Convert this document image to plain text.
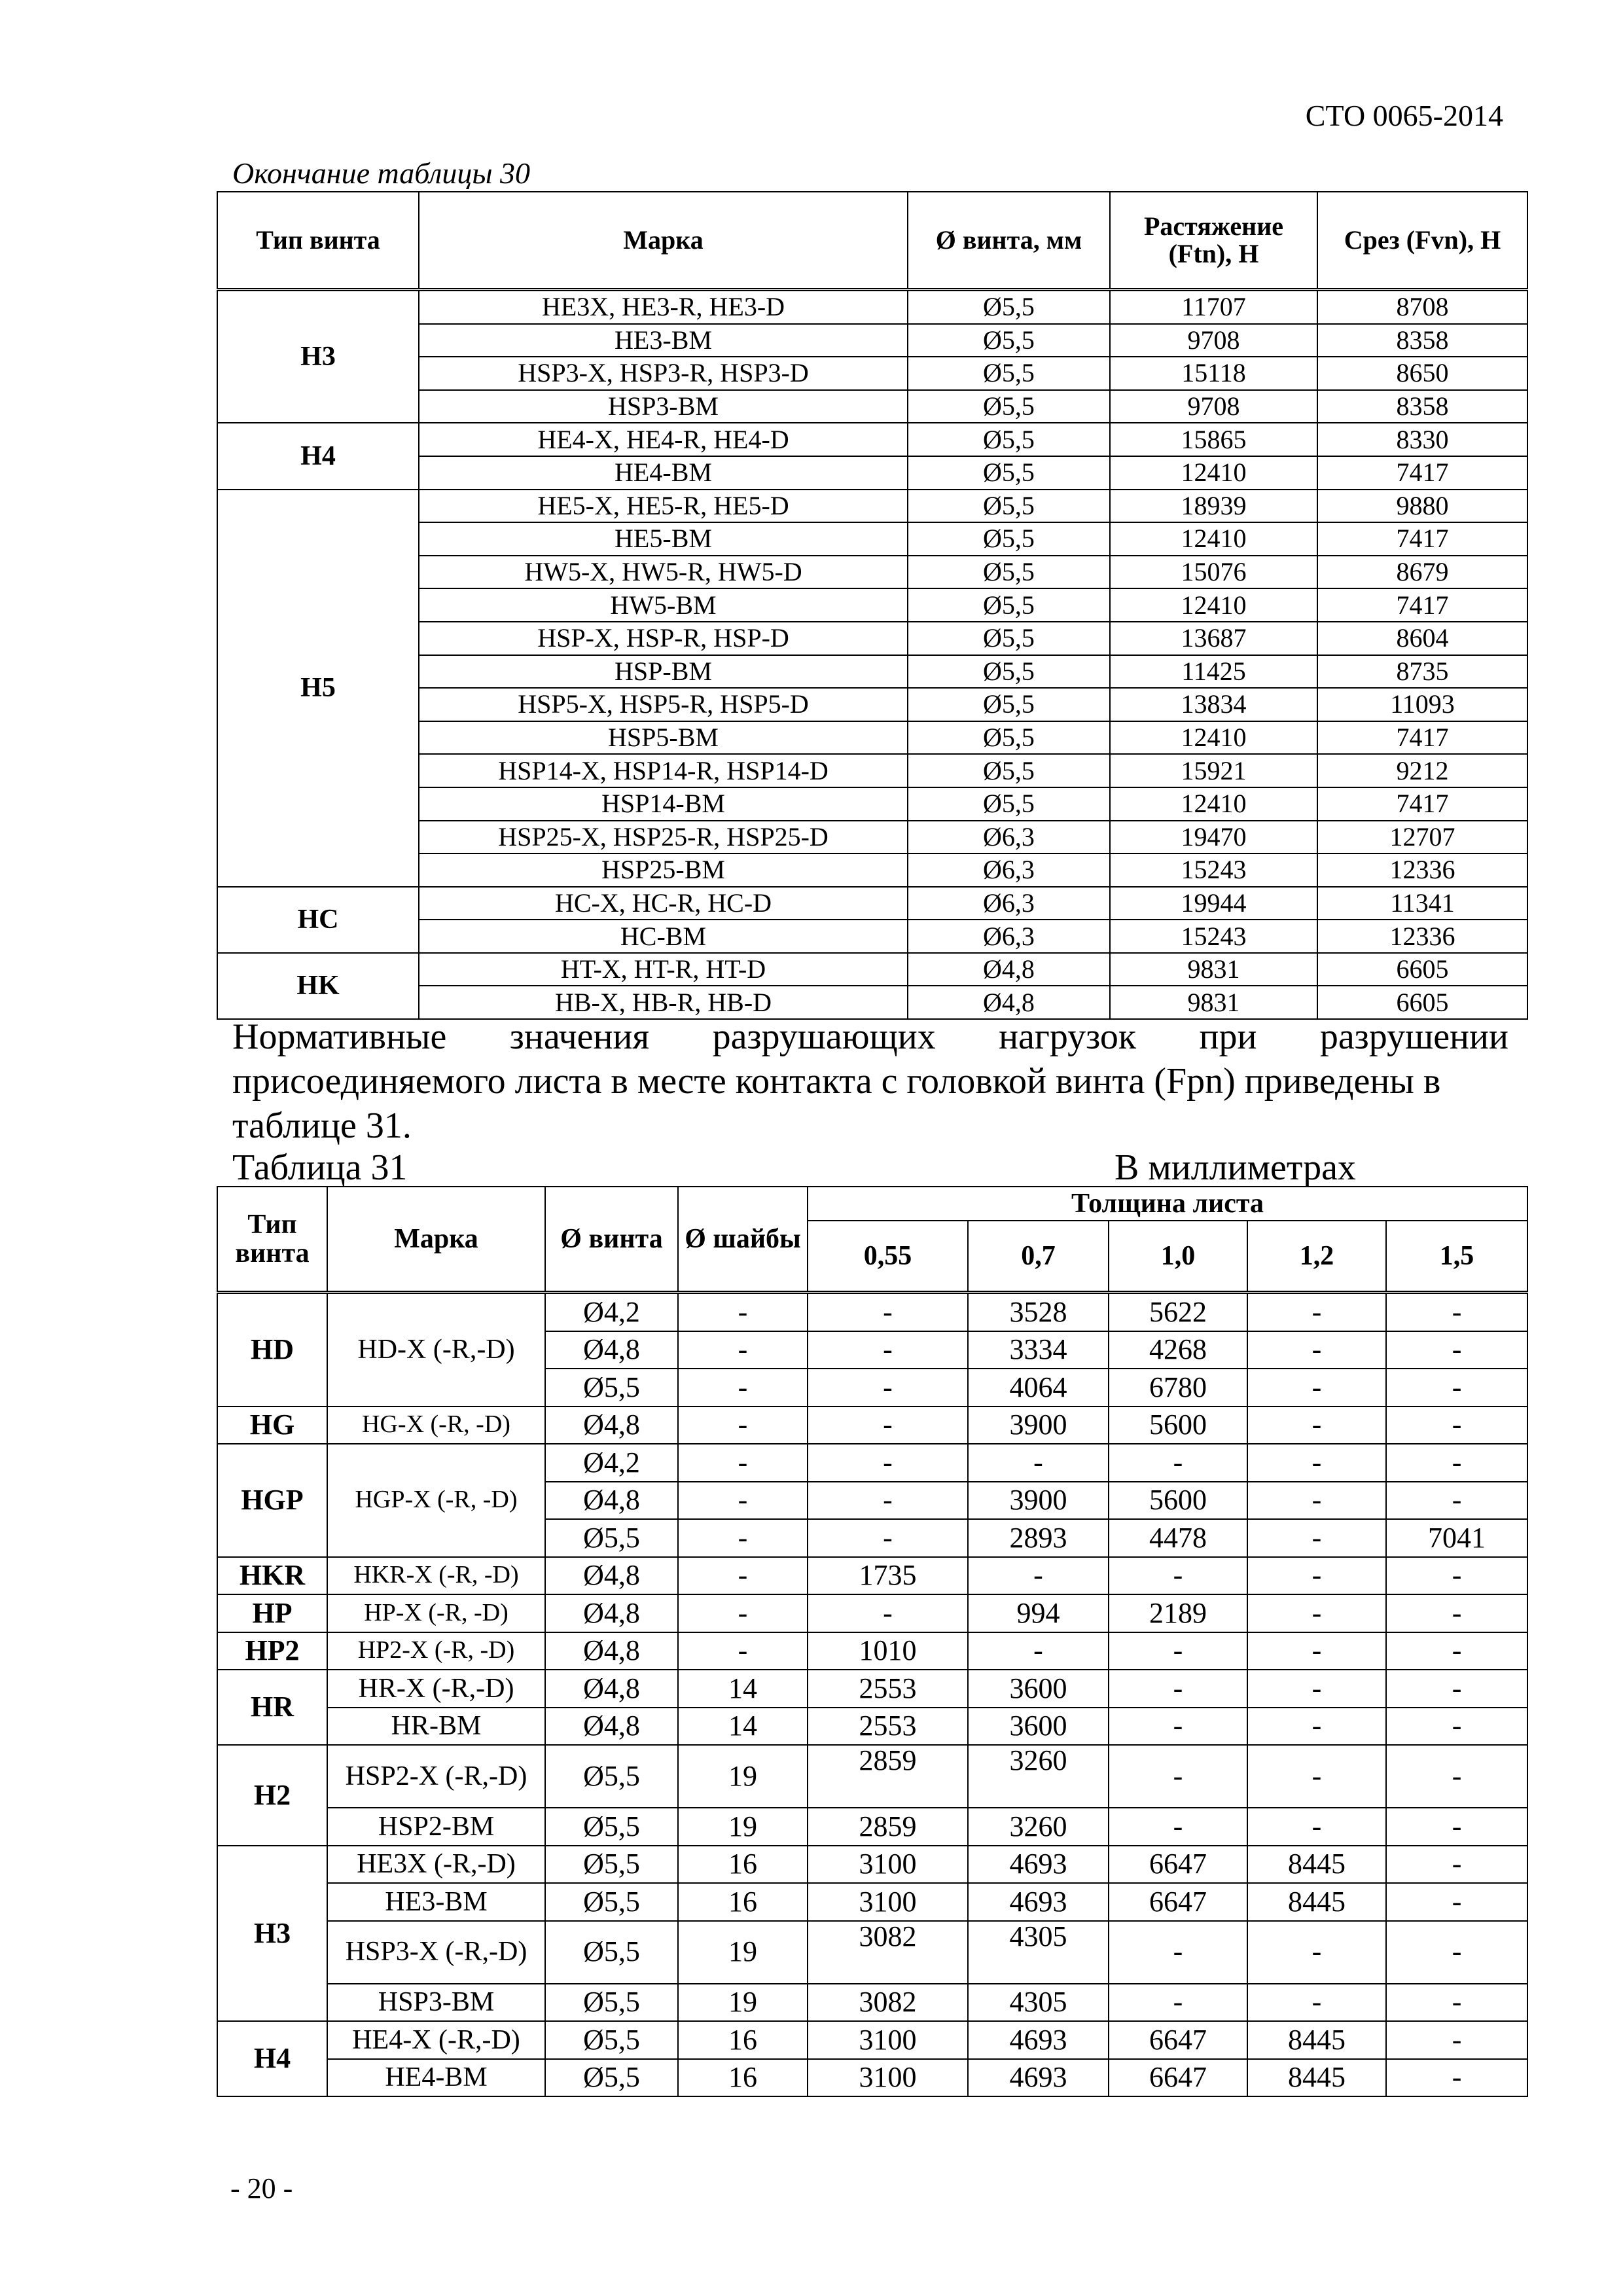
СТО 0065-2014
Окончание таблицы 30
Тип винта	Марка	Ø винта, мм	Растяжение (Ftn), Н	Срез (Fvn), Н
H3	HE3X, HE3-R, HE3-D	Ø5,5	11707	8708
	HE3-BM	Ø5,5	9708	8358
	HSP3-X, HSP3-R, HSP3-D	Ø5,5	15118	8650
	HSP3-BM	Ø5,5	9708	8358
H4	HE4-X, HE4-R, HE4-D	Ø5,5	15865	8330
	HE4-BM	Ø5,5	12410	7417
H5	HE5-X, HE5-R, HE5-D	Ø5,5	18939	9880
	HE5-BM	Ø5,5	12410	7417
	HW5-X, HW5-R, HW5-D	Ø5,5	15076	8679
	HW5-BM	Ø5,5	12410	7417
	HSP-X, HSP-R, HSP-D	Ø5,5	13687	8604
	HSP-BM	Ø5,5	11425	8735
	HSP5-X, HSP5-R, HSP5-D	Ø5,5	13834	11093
	HSP5-BM	Ø5,5	12410	7417
	HSP14-X, HSP14-R, HSP14-D	Ø5,5	15921	9212
	HSP14-BM	Ø5,5	12410	7417
	HSP25-X, HSP25-R, HSP25-D	Ø6,3	19470	12707
	HSP25-BM	Ø6,3	15243	12336
HC	HC-X, HC-R, HC-D	Ø6,3	19944	11341
	HC-BM	Ø6,3	15243	12336
HK	HT-X, HT-R, HT-D	Ø4,8	9831	6605
	HB-X, HB-R, HB-D	Ø4,8	9831	6605
Нормативные значения разрушающих нагрузок при разрушении
присоединяемого листа в месте контакта с головкой винта (Fpn) приведены в
таблице 31.
Таблица 31	В миллиметрах
Тип винта	Марка	Ø винта	Ø шайбы	Толщина листа				
				0,55	0,7	1,0	1,2	1,5
HD	HD-X (-R,-D)	Ø4,2	-	-	3528	5622	-	-
		Ø4,8	-	-	3334	4268	-	-
		Ø5,5	-	-	4064	6780	-	-
HG	HG-X (-R, -D)	Ø4,8	-	-	3900	5600	-	-
HGP	HGP-X (-R, -D)	Ø4,2	-	-	-	-	-	-
		Ø4,8	-	-	3900	5600	-	-
		Ø5,5	-	-	2893	4478	-	7041
HKR	HKR-X (-R, -D)	Ø4,8	-	1735	-	-	-	-
HP	HP-X (-R, -D)	Ø4,8	-	-	994	2189	-	-
HP2	HP2-X (-R, -D)	Ø4,8	-	1010	-	-	-	-
HR	HR-X (-R,-D)	Ø4,8	14	2553	3600	-	-	-
	HR-BM	Ø4,8	14	2553	3600	-	-	-
H2	HSP2-X (-R,-D)	Ø5,5	19	2859	3260	-	-	-
	HSP2-BM	Ø5,5	19	2859	3260	-	-	-
H3	HE3X (-R,-D)	Ø5,5	16	3100	4693	6647	8445	-
	HE3-BM	Ø5,5	16	3100	4693	6647	8445	-
	HSP3-X (-R,-D)	Ø5,5	19	3082	4305	-	-	-
	HSP3-BM	Ø5,5	19	3082	4305	-	-	-
H4	HE4-X (-R,-D)	Ø5,5	16	3100	4693	6647	8445	-
	HE4-BM	Ø5,5	16	3100	4693	6647	8445	-
- 20 -
